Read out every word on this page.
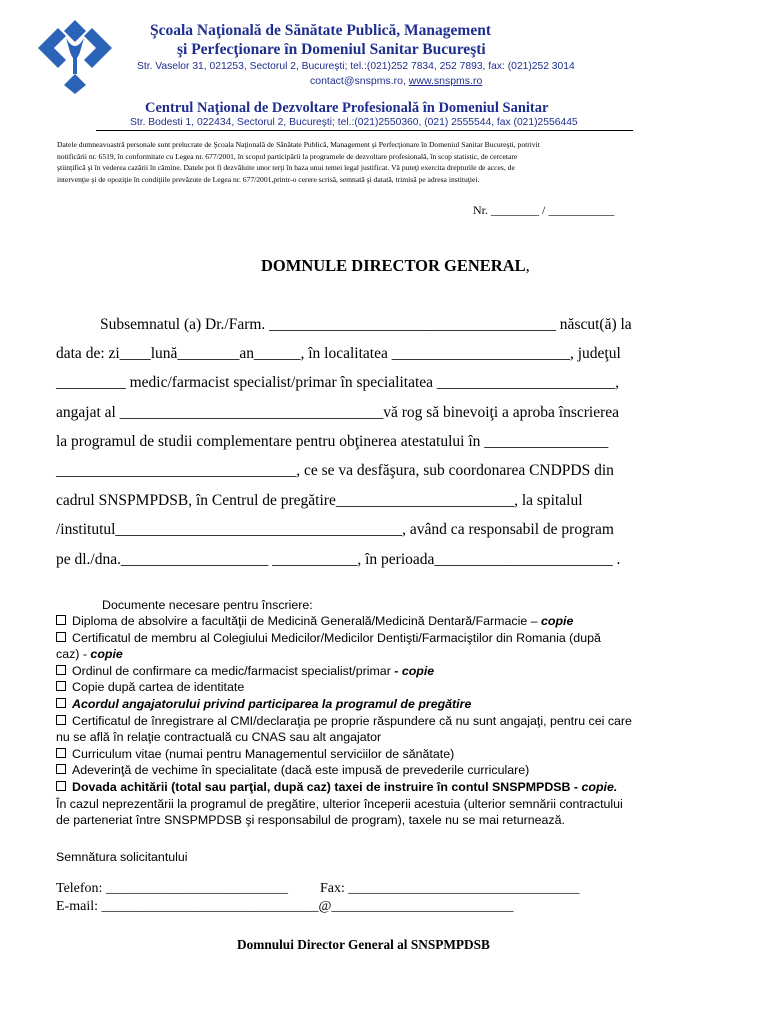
Şcoala Naţională de Sănătate Publică, Management
şi Perfecţionare în Domeniul Sanitar Bucureşti
Str. Vaselor 31, 021253, Sectorul 2, Bucureşti; tel.:(021)252 7834, 252 7893, fax: (021)252 3014
contact@snspms.ro, www.snspms.ro
Centrul Naţional de Dezvoltare Profesională în Domeniul Sanitar
Str. Bodesti 1, 022434, Sectorul 2, Bucureşti; tel.:(021)2550360, (021) 2555544, fax (021)2556445
Datele dumneavoastră personale sunt prelucrate de Şcoala Naţională de Sănătate Publică, Management şi Perfecţionare în Domeniul Sanitar Bucureşti, potrivit
notificării nr. 6519, în conformitate cu Legea nr. 677/2001, în scopul participării la programele de dezvoltare profesională, în scop statistic, de cercetare
ştiinţifică şi în vederea cazării în cămine. Datele pot fi dezvăluite unor terţi în baza unui temei legal justificat. Vă puteţi exercita drepturile de acces, de
intervenţie şi de opoziţie în condiţiile prevăzute de Legea nr. 677/2001,printr-o cerere scrisă, semnată şi datată, trimisă pe adresa instituţiei.
Nr. ________ / ___________
DOMNULE DIRECTOR GENERAL,
Subsemnatul (a) Dr./Farm. _____________________________________ născut(ă) la
data de: zi____lună________an______, în localitatea _______________________, judeţul
_________ medic/farmacist specialist/primar în specialitatea _______________________,
angajat al __________________________________vă rog să binevoiţi a aproba înscrierea
la programul de studii complementare pentru obţinerea atestatului în ________________
_______________________________, ce se va desfăşura, sub coordonarea CNDPDS din
cadrul SNSPMPDSB, în Centrul de pregătire_______________________, la spitalul
/institutul_____________________________________, având ca responsabil de program
pe dl./dna.___________________ ___________, în perioada_______________________ .
Documente necesare pentru înscriere:
Diploma de absolvire a facultăţii de Medicină Generală/Medicină Dentară/Farmacie – copie
Certificatul de membru al Colegiului Medicilor/Medicilor Dentişti/Farmaciştilor din Romania (după
caz) - copie
Ordinul de confirmare ca medic/farmacist specialist/primar - copie
Copie după cartea de identitate
Acordul angajatorului privind participarea la programul de pregătire
Certificatul de înregistrare al CMI/declaraţia pe proprie răspundere că nu sunt angajaţi, pentru cei care
nu se află în relaţie contractuală cu CNAS sau alt angajator
Curriculum vitae (numai pentru Managementul serviciilor de sănătate)
Adeverinţă de vechime în specialitate (dacă este impusă de prevederile curriculare)
Dovada achitării (total sau parţial, după caz) taxei de instruire în contul SNSPMPDSB - copie.
În cazul neprezentării la programul de pregătire, ulterior începerii acestuia (ulterior semnării contractului
de parteneriat între SNSPMPDSB şi responsabilul de program), taxele nu se mai returnează.
Semnătura solicitantului
Telefon: __________________________ Fax: _________________________________
E-mail: _______________________________@__________________________
Domnului Director General al SNSPMPDSB
